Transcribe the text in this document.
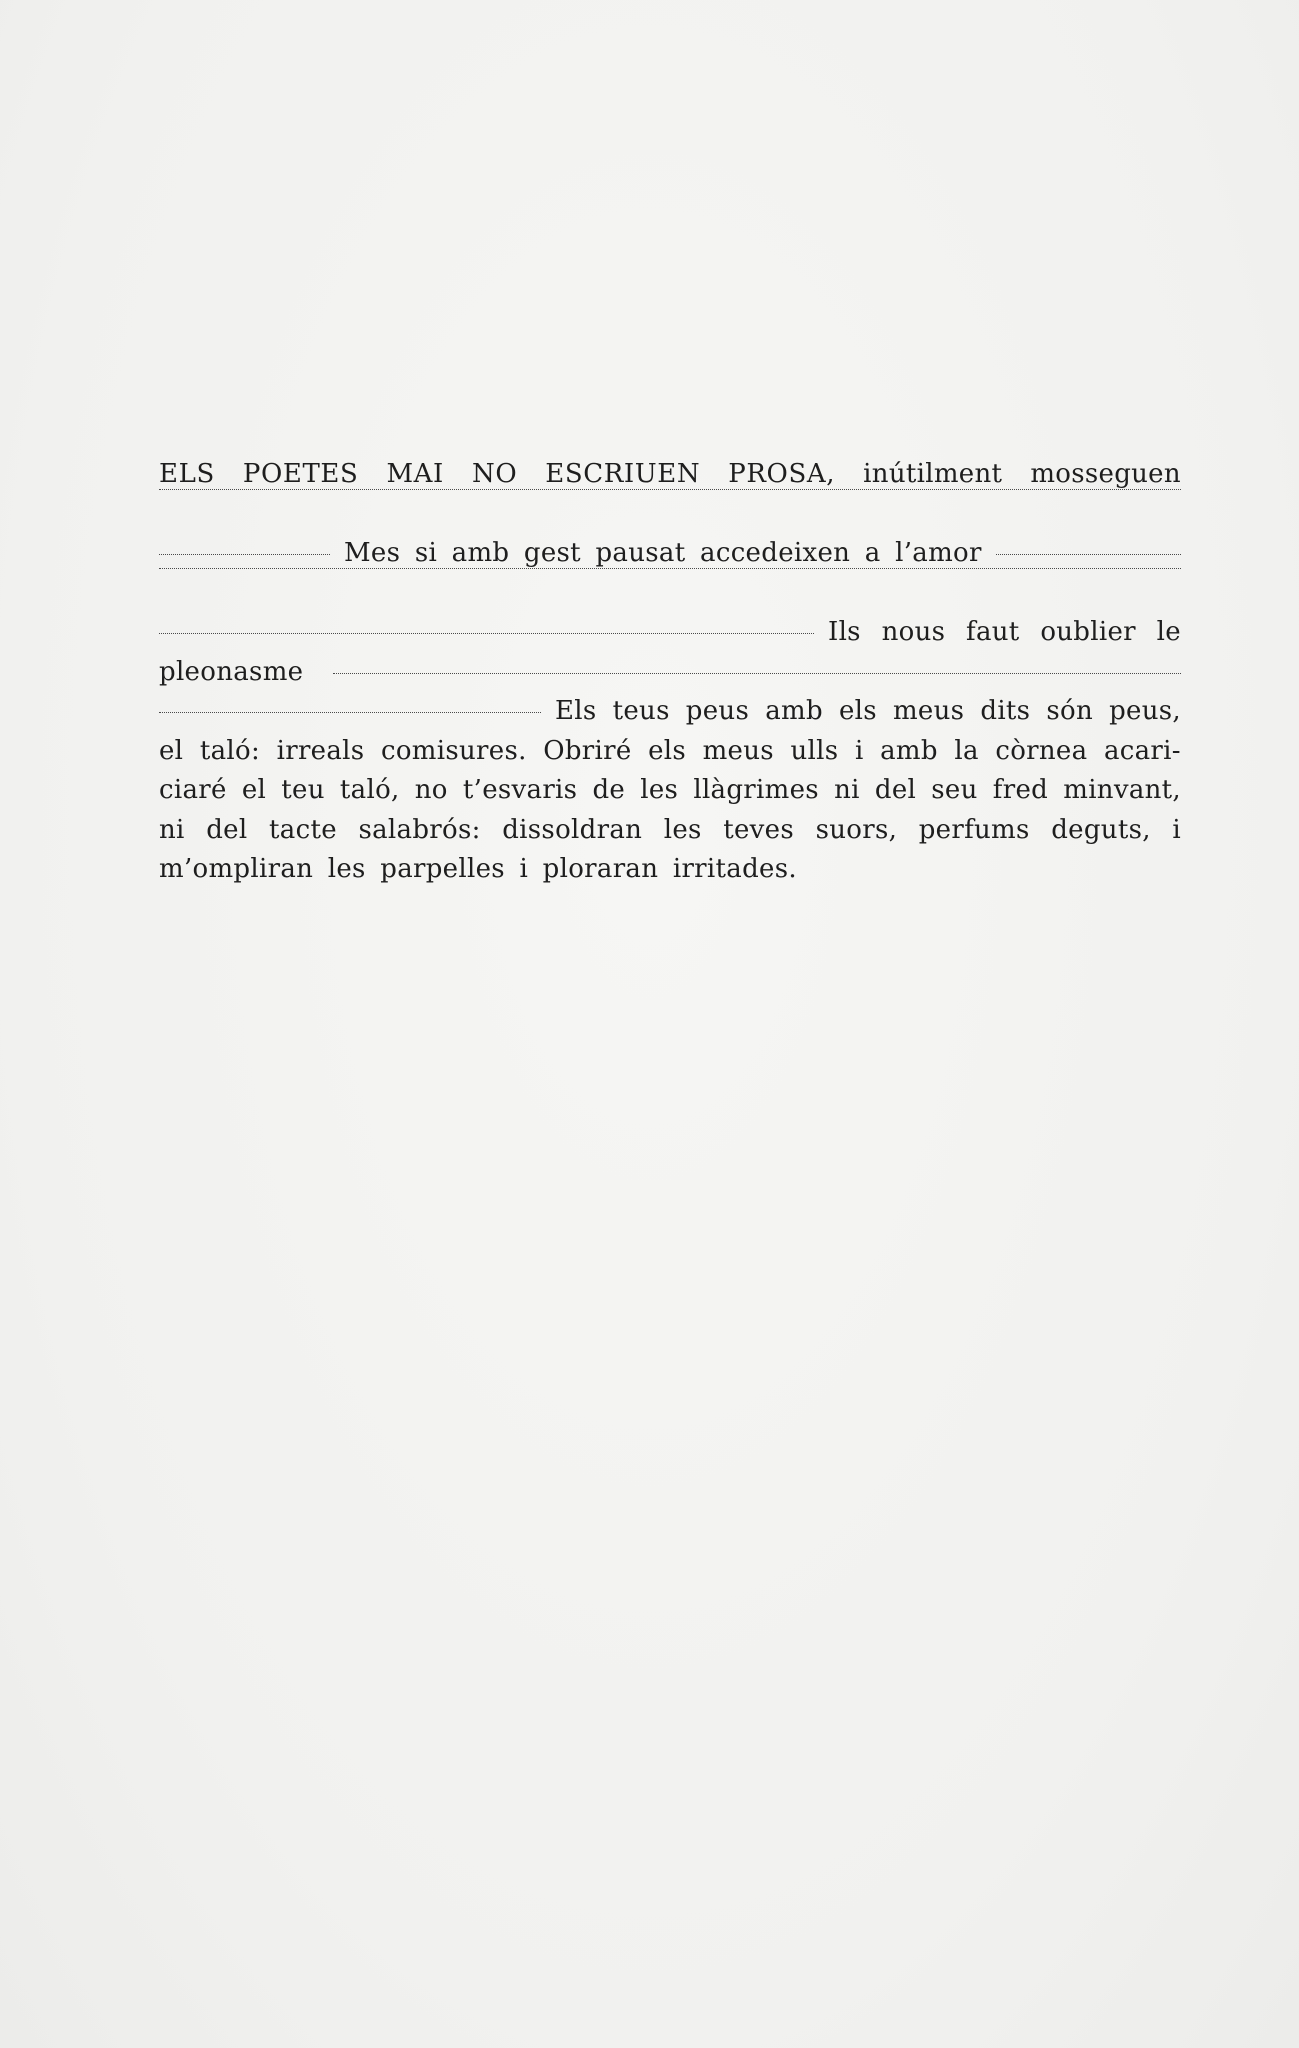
ELS POETES MAI NO ESCRIUEN PROSA, inútilment mosseguen
Mes si amb gest pausat accedeixen a l’amor
Ils nous faut oublier le
pleonasme
Els teus peus amb els meus dits són peus,
el taló: irreals comisures. Obriré els meus ulls i amb la còrnea acari-
ciaré el teu taló, no t’esvaris de les llàgrimes ni del seu fred minvant,
ni del tacte salabrós: dissoldran les teves suors, perfums deguts, i
m’ompliran les parpelles i ploraran irritades.
